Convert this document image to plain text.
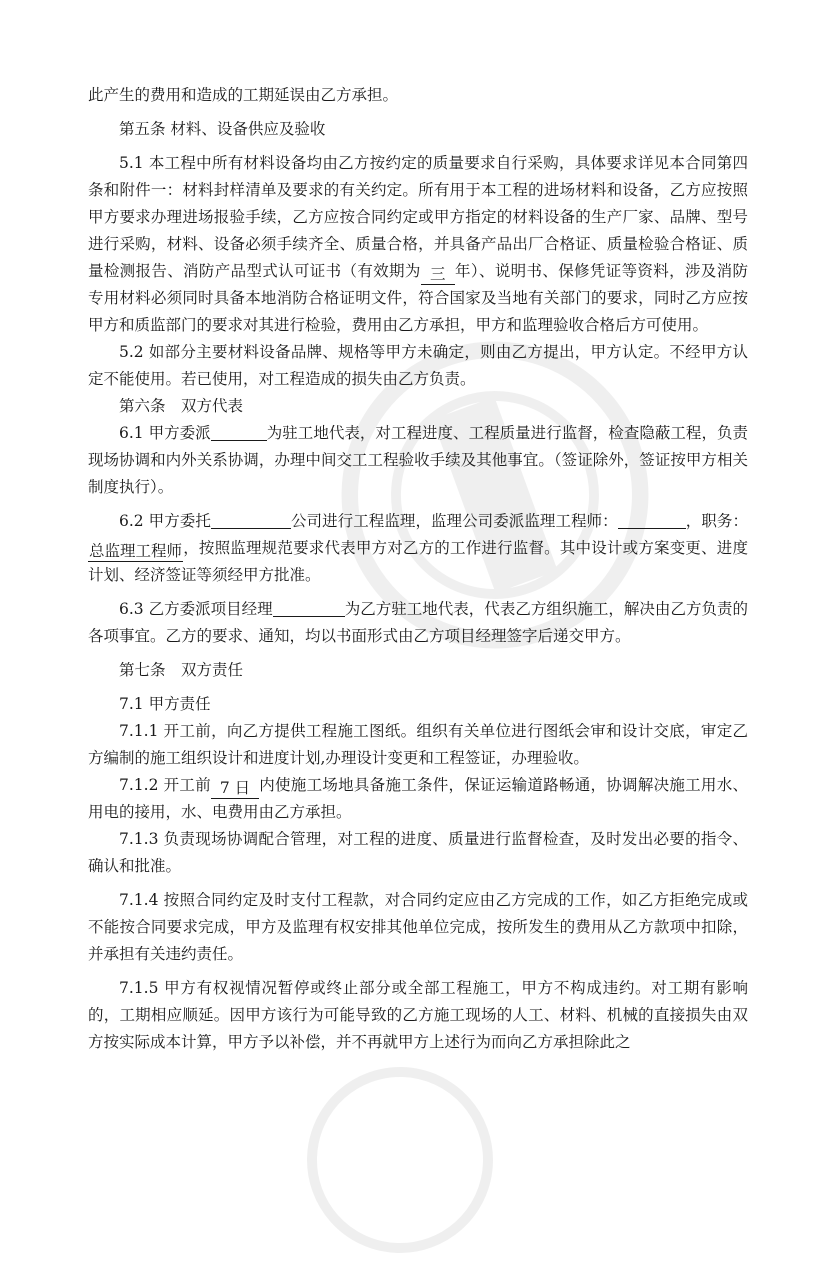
此产生的费用和造成的工期延误由乙方承担。

第五条 材料、设备供应及验收

5.1 本工程中所有材料设备均由乙方按约定的质量要求自行采购，具体要求详见本合同第四条和附件一：材料封样清单及要求的有关约定。所有用于本工程的进场材料和设备，乙方应按照甲方要求办理进场报验手续，乙方应按合同约定或甲方指定的材料设备的生产厂家、品牌、型号进行采购，材料、设备必须手续齐全、质量合格，并具备产品出厂合格证、质量检验合格证、质量检测报告、消防产品型式认可证书（有效期为 三 年）、说明书、保修凭证等资料，涉及消防专用材料必须同时具备本地消防合格证明文件，符合国家及当地有关部门的要求，同时乙方应按甲方和质监部门的要求对其进行检验，费用由乙方承担，甲方和监理验收合格后方可使用。

5.2 如部分主要材料设备品牌、规格等甲方未确定，则由乙方提出，甲方认定。不经甲方认定不能使用。若已使用，对工程造成的损失由乙方负责。

第六条　双方代表

6.1 甲方委派	为驻工地代表，对工程进度、工程质量进行监督，检查隐蔽工程，负责现场协调和内外关系协调，办理中间交工工程验收手续及其他事宜。（签证除外，签证按甲方相关制度执行）。

6.2 甲方委托	公司进行工程监理，监理公司委派监理工程师：	，职务：总监理工程师，按照监理规范要求代表甲方对乙方的工作进行监督。其中设计或方案变更、进度计划、经济签证等须经甲方批准。

6.3 乙方委派项目经理	为乙方驻工地代表，代表乙方组织施工，解决由乙方负责的各项事宜。乙方的要求、通知，均以书面形式由乙方项目经理签字后递交甲方。

第七条　双方责任

7.1 甲方责任

7.1.1 开工前，向乙方提供工程施工图纸。组织有关单位进行图纸会审和设计交底，审定乙方编制的施工组织设计和进度计划,办理设计变更和工程签证，办理验收。

7.1.2 开工前 7 日 内使施工场地具备施工条件，保证运输道路畅通，协调解决施工用水、用电的接用，水、电费用由乙方承担。

7.1.3 负责现场协调配合管理，对工程的进度、质量进行监督检查，及时发出必要的指令、确认和批准。

7.1.4 按照合同约定及时支付工程款，对合同约定应由乙方完成的工作，如乙方拒绝完成或不能按合同要求完成，甲方及监理有权安排其他单位完成，按所发生的费用从乙方款项中扣除，并承担有关违约责任。

7.1.5 甲方有权视情况暂停或终止部分或全部工程施工，甲方不构成违约。对工期有影响的，工期相应顺延。因甲方该行为可能导致的乙方施工现场的人工、材料、机械的直接损失由双方按实际成本计算，甲方予以补偿，并不再就甲方上述行为而向乙方承担除此之
